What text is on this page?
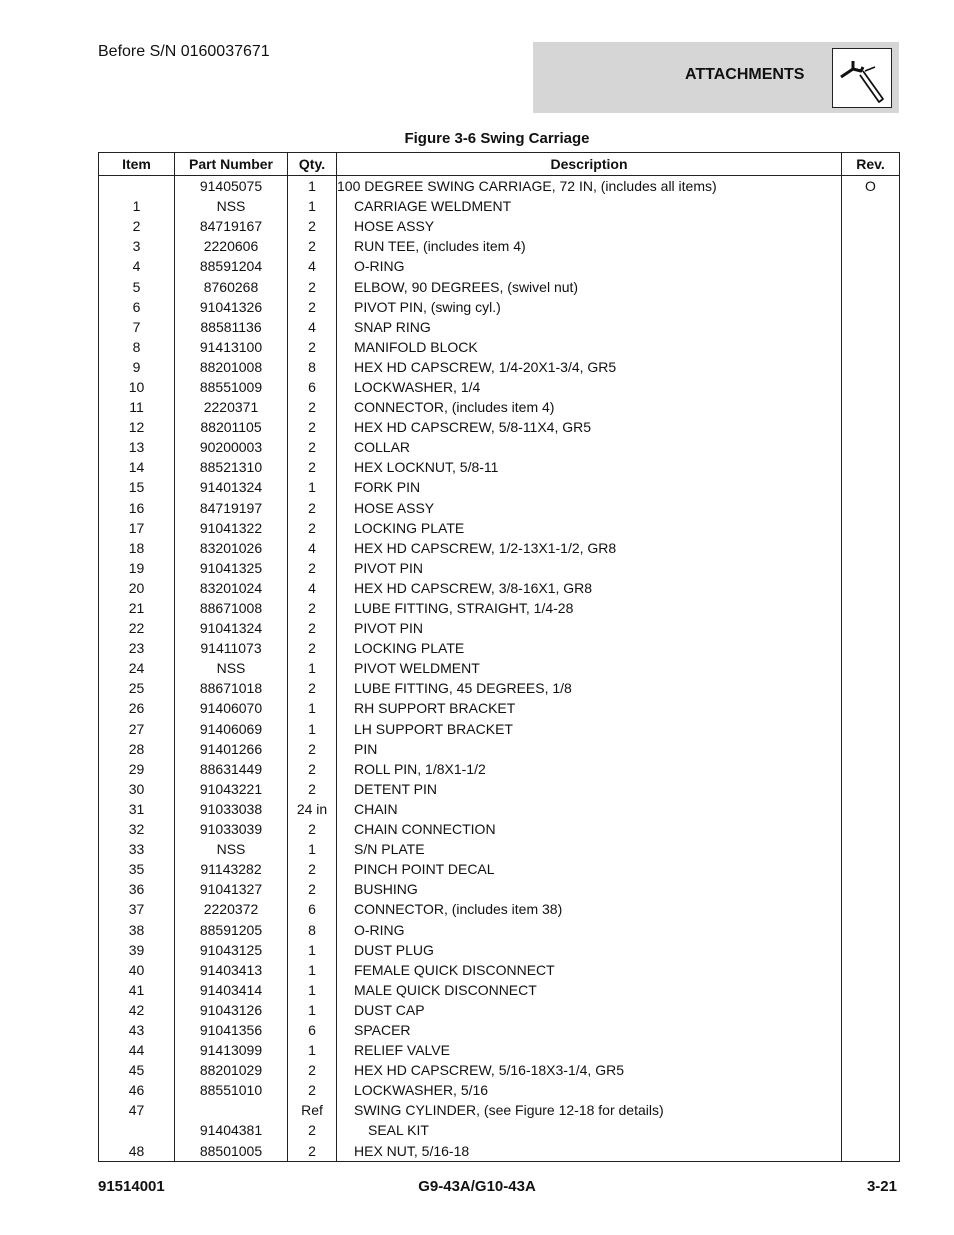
Before S/N 0160037671
ATTACHMENTS
Figure 3-6 Swing Carriage
Item	Part Number	Qty.	Description	Rev.
	91405075	1	100 DEGREE SWING CARRIAGE, 72 IN, (includes all items)	O
1	NSS	1	CARRIAGE WELDMENT	
2	84719167	2	HOSE ASSY	
3	2220606	2	RUN TEE, (includes item 4)	
4	88591204	4	O-RING	
5	8760268	2	ELBOW, 90 DEGREES, (swivel nut)	
6	91041326	2	PIVOT PIN, (swing cyl.)	
7	88581136	4	SNAP RING	
8	91413100	2	MANIFOLD BLOCK	
9	88201008	8	HEX HD CAPSCREW, 1/4-20X1-3/4, GR5	
10	88551009	6	LOCKWASHER, 1/4	
11	2220371	2	CONNECTOR, (includes item 4)	
12	88201105	2	HEX HD CAPSCREW, 5/8-11X4, GR5	
13	90200003	2	COLLAR	
14	88521310	2	HEX LOCKNUT, 5/8-11	
15	91401324	1	FORK PIN	
16	84719197	2	HOSE ASSY	
17	91041322	2	LOCKING PLATE	
18	83201026	4	HEX HD CAPSCREW, 1/2-13X1-1/2, GR8	
19	91041325	2	PIVOT PIN	
20	83201024	4	HEX HD CAPSCREW, 3/8-16X1, GR8	
21	88671008	2	LUBE FITTING, STRAIGHT, 1/4-28	
22	91041324	2	PIVOT PIN	
23	91411073	2	LOCKING PLATE	
24	NSS	1	PIVOT WELDMENT	
25	88671018	2	LUBE FITTING, 45 DEGREES, 1/8	
26	91406070	1	RH SUPPORT BRACKET	
27	91406069	1	LH SUPPORT BRACKET	
28	91401266	2	PIN	
29	88631449	2	ROLL PIN, 1/8X1-1/2	
30	91043221	2	DETENT PIN	
31	91033038	24 in	CHAIN	
32	91033039	2	CHAIN CONNECTION	
33	NSS	1	S/N PLATE	
35	91143282	2	PINCH POINT DECAL	
36	91041327	2	BUSHING	
37	2220372	6	CONNECTOR, (includes item 38)	
38	88591205	8	O-RING	
39	91043125	1	DUST PLUG	
40	91403413	1	FEMALE QUICK DISCONNECT	
41	91403414	1	MALE QUICK DISCONNECT	
42	91043126	1	DUST CAP	
43	91041356	6	SPACER	
44	91413099	1	RELIEF VALVE	
45	88201029	2	HEX HD CAPSCREW, 5/16-18X3-1/4, GR5	
46	88551010	2	LOCKWASHER, 5/16	
47		Ref	SWING CYLINDER, (see Figure 12-18 for details)	
	91404381	2	SEAL KIT	
48	88501005	2	HEX NUT, 5/16-18	
91514001	G9-43A/G10-43A	3-21
